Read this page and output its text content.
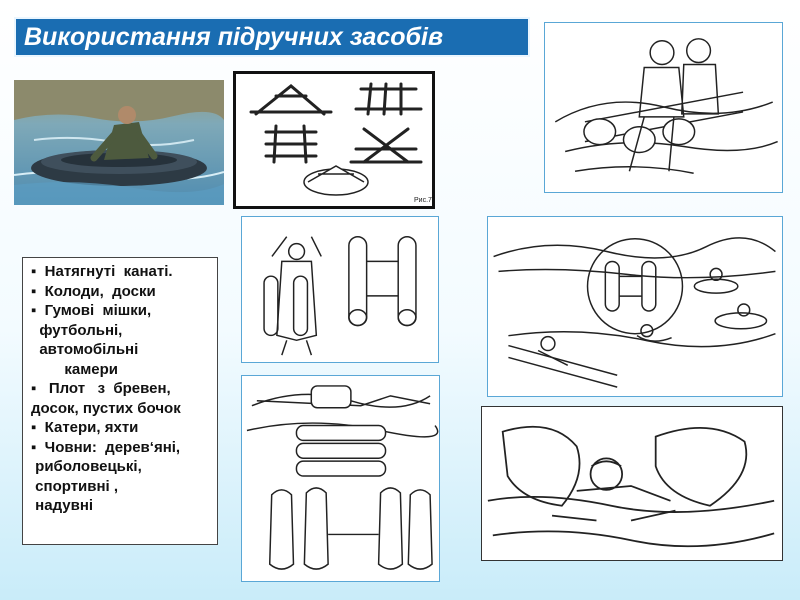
Використання підручних засобів
Рис.7
▪  Натягнуті  канаті.
▪  Колоди,  доски
▪  Гумові  мішки,
футбольні,
автомобільні
камери
▪   Плот   з  бревен,
досок, пустих бочок
▪  Катери, яхти
▪  Човни:  дерев‘яні,
риболовецькі,
спортивні ,
надувні
